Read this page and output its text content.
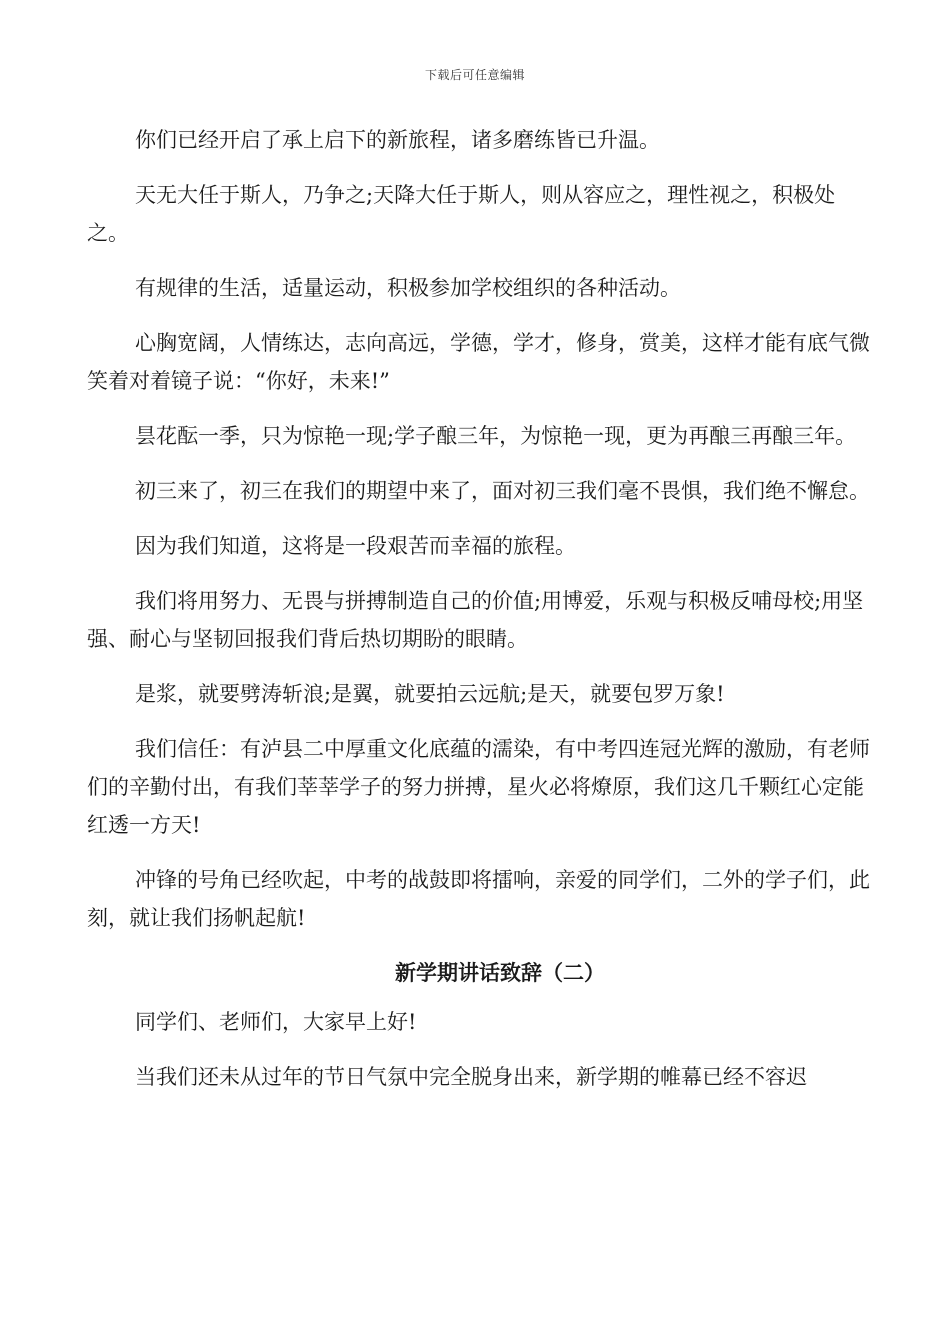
下载后可任意编辑

你们已经开启了承上启下的新旅程，诸多磨练皆已升温。

天无大任于斯人，乃争之;天降大任于斯人，则从容应之，理性视之，积极处之。

有规律的生活，适量运动，积极参加学校组织的各种活动。

心胸宽阔，人情练达，志向高远，学德，学才，修身，赏美，这样才能有底气微笑着对着镜子说：“你好，未来!”

昙花酝一季，只为惊艳一现;学子酿三年，为惊艳一现，更为再酿三再酿三年。

初三来了，初三在我们的期望中来了，面对初三我们毫不畏惧，我们绝不懈怠。

因为我们知道，这将是一段艰苦而幸福的旅程。

我们将用努力、无畏与拼搏制造自己的价值;用博爱，乐观与积极反哺母校;用坚强、耐心与坚韧回报我们背后热切期盼的眼睛。

是浆，就要劈涛斩浪;是翼，就要拍云远航;是天，就要包罗万象!

我们信任：有泸县二中厚重文化底蕴的濡染，有中考四连冠光辉的激励，有老师们的辛勤付出，有我们莘莘学子的努力拼搏，星火必将燎原，我们这几千颗红心定能红透一方天!

冲锋的号角已经吹起，中考的战鼓即将擂响，亲爱的同学们，二外的学子们，此刻，就让我们扬帆起航!

新学期讲话致辞（二）

同学们、老师们，大家早上好!

当我们还未从过年的节日气氛中完全脱身出来，新学期的帷幕已经不容迟
